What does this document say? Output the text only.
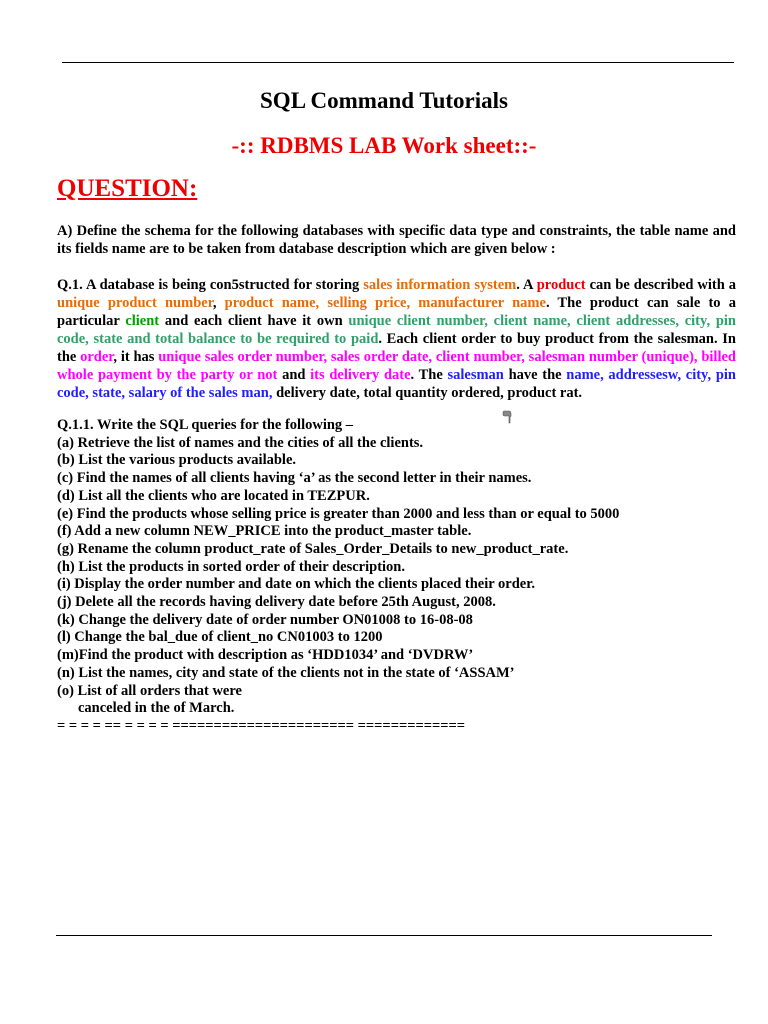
SQL Command Tutorials
-:: RDBMS LAB Work sheet::-
QUESTION:
A) Define the schema for the following databases with specific data type and constraints, the table name and its fields name are to be taken from database description which are given below :
Q.1. A database is being con5structed for storing sales information system. A product can be described with a unique product number, product name, selling price, manufacturer name. The product can sale to a particular client and each client have it own unique client number, client name, client addresses, city, pin code, state and total balance to be required to paid. Each client order to buy product from the salesman. In the order, it has unique sales order number, sales order date, client number, salesman number (unique), billed whole payment by the party or not and its delivery date. The salesman have the name, addressesw, city, pin code, state, salary of the sales man, delivery date, total quantity ordered, product rat.
Q.1.1. Write the SQL queries for the following –
(a) Retrieve the list of names and the cities of all the clients.
(b) List the various products available.
(c) Find the names of all clients having ‘a’ as the second letter in their names.
(d) List all the clients who are located in TEZPUR.
(e) Find the products whose selling price is greater than 2000 and less than or equal to 5000
(f) Add a new column NEW_PRICE into the product_master table.
(g) Rename the column product_rate of Sales_Order_Details to new_product_rate.
(h) List the products in sorted order of their description.
(i) Display the order number and date on which the clients placed their order.
(j) Delete all the records having delivery date before 25th August, 2008.
(k) Change the delivery date of order number ON01008 to 16-08-08
(l) Change the bal_due of client_no CN01003 to 1200
(m)Find the product with description as ‘HDD1034’ and ‘DVDRW’
(n) List the names, city and state of the clients not in the state of ‘ASSAM’
(o) List of all orders that were
canceled in the of March.
= = = = == = = = = ====================== =============
